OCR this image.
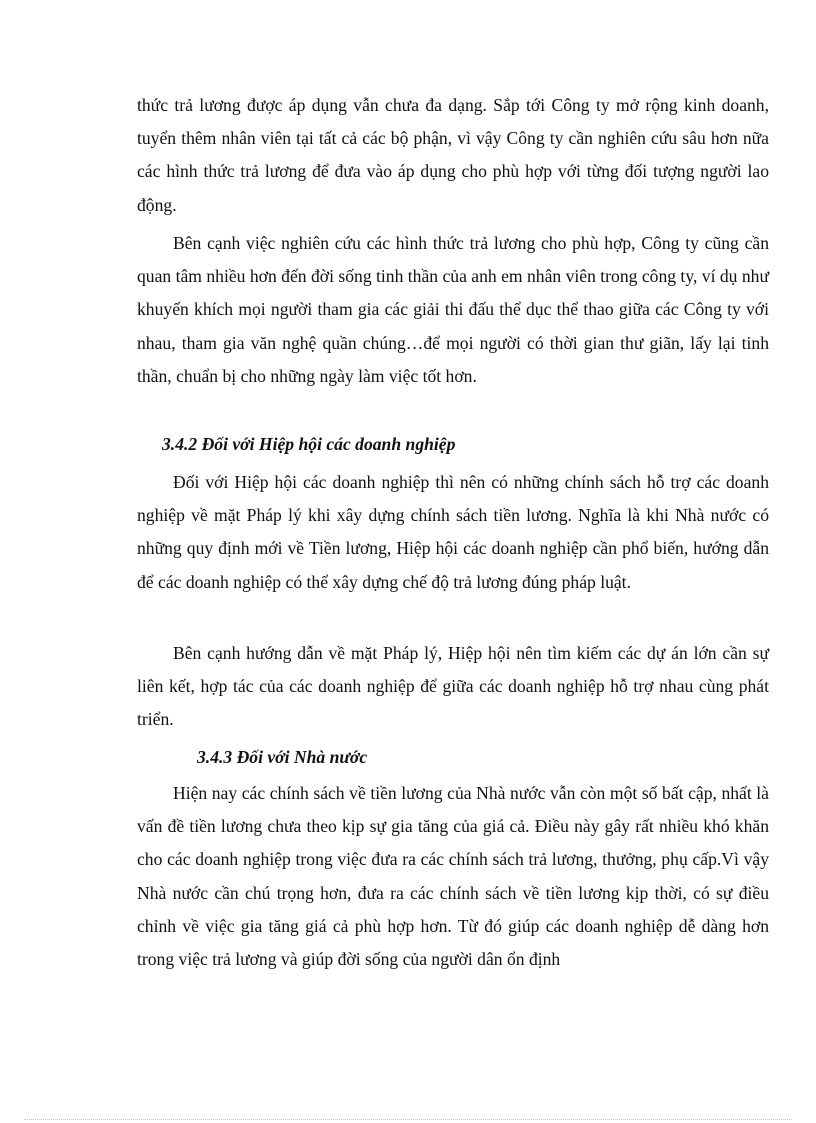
thức trả lương được áp dụng vẫn chưa đa dạng. Sắp tới Công ty mở rộng kinh doanh, tuyển thêm nhân viên tại tất cả các bộ phận, vì vậy Công ty cần nghiên cứu sâu hơn nữa các hình thức trả lương để đưa vào áp dụng cho phù hợp với từng đối tượng người lao động.

Bên cạnh việc nghiên cứu các hình thức trả lương cho phù hợp, Công ty cũng cần quan tâm nhiều hơn đến đời sống tinh thần của anh em nhân viên trong công ty, ví dụ như khuyến khích mọi người tham gia các giải thi đấu thể dục thể thao giữa các Công ty với nhau, tham gia văn nghệ quần chúng…để mọi người có thời gian thư giãn, lấy lại tinh thần, chuẩn bị cho những ngày làm việc tốt hơn.

3.4.2 Đối với Hiệp hội các doanh nghiệp

Đối với Hiệp hội các doanh nghiệp thì nên có những chính sách hỗ trợ các doanh nghiệp về mặt Pháp lý khi xây dựng chính sách tiền lương. Nghĩa là khi Nhà nước có những quy định mới về Tiền lương, Hiệp hội các doanh nghiệp cần phổ biến, hướng dẫn để các doanh nghiệp có thể xây dựng chế độ trả lương đúng pháp luật.

Bên cạnh hướng dẫn về mặt Pháp lý, Hiệp hội nên tìm kiếm các dự án lớn cần sự liên kết, hợp tác của các doanh nghiệp để giữa các doanh nghiệp hỗ trợ nhau cùng phát triển.

3.4.3 Đối với Nhà nước

Hiện nay các chính sách về tiền lương của Nhà nước vẫn còn một số bất cập, nhất là vấn đề tiền lương chưa theo kịp sự gia tăng của giá cả. Điều này gây rất nhiều khó khăn cho các doanh nghiệp trong việc đưa ra các chính sách trả lương, thưởng, phụ cấp.Vì vậy Nhà nước cần chú trọng hơn, đưa ra các chính sách về tiền lương kịp thời, có sự điều chỉnh về việc gia tăng giá cả phù hợp hơn. Từ đó giúp các doanh nghiệp dễ dàng hơn trong việc trả lương và giúp đời sống của người dân ổn định
